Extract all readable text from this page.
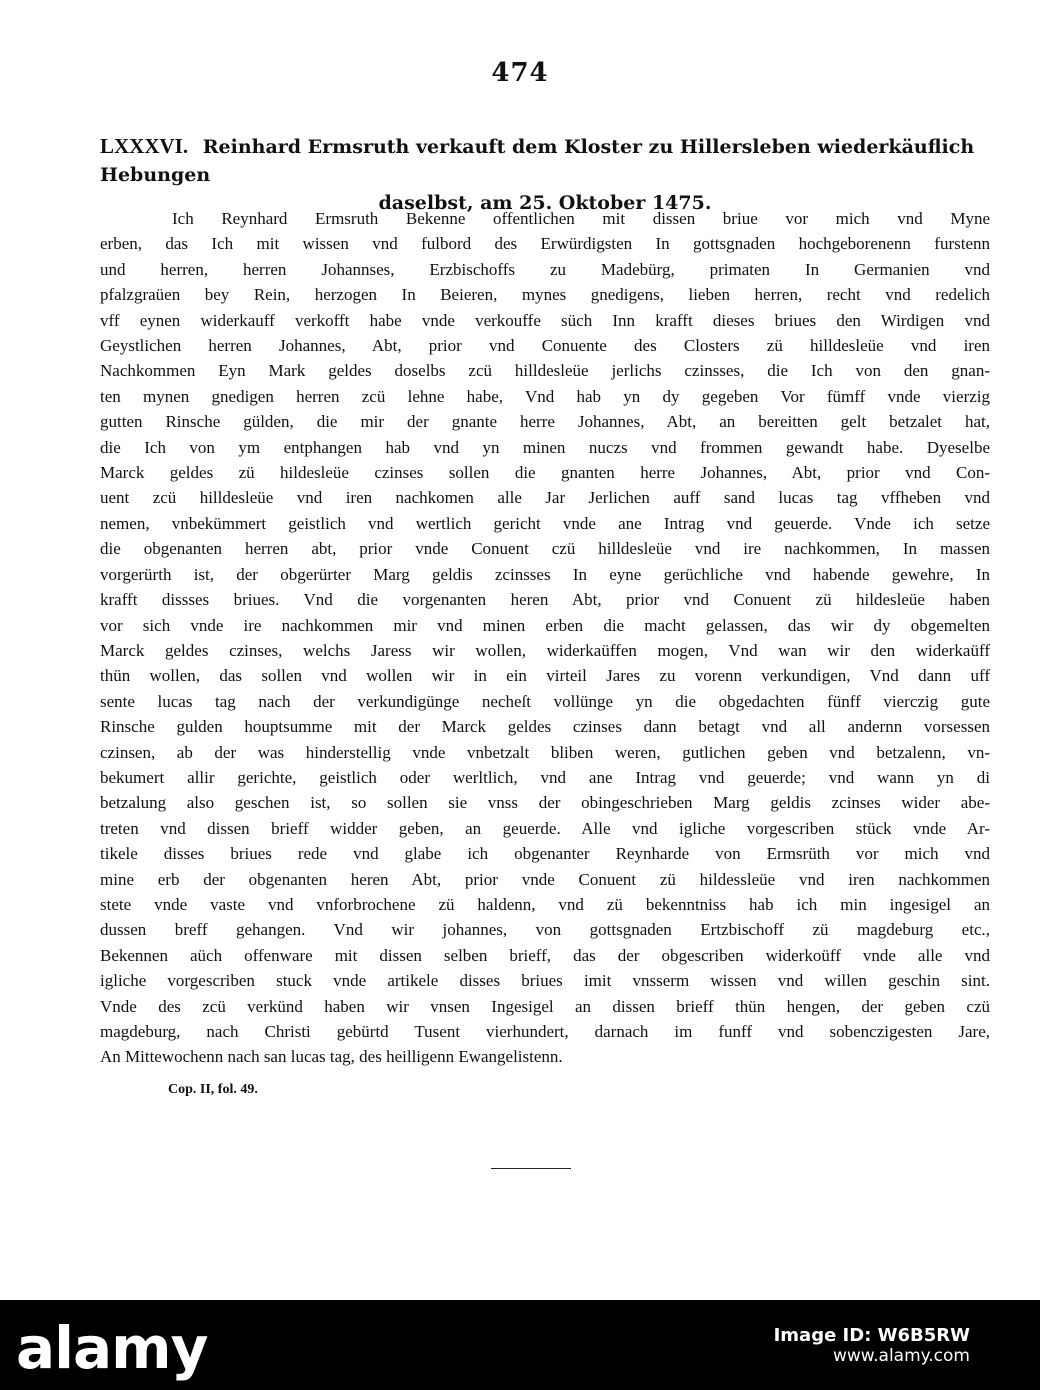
474
LXXXVI. Reinhard Ermsruth verkauft dem Kloster zu Hillersleben wiederkäuflich Hebungen
daselbst, am 25. Oktober 1475.
Ich Reynhard Ermsruth Bekenne offentlichen mit dissen briue vor mich vnd Myne
erben, das Ich mit wissen vnd fulbord des Erwürdigsten In gottsgnaden hochgeborenenn furstenn
und herren, herren Johannses, Erzbischoffs zu Madebürg, primaten In Germanien vnd
pfalzgraüen bey Rein, herzogen In Beieren, mynes gnedigens, lieben herren, recht vnd redelich
vff eynen widerkauff verkofft habe vnde verkouffe süch Inn krafft dieses briues den Wirdigen vnd
Geystlichen herren Johannes, Abt, prior vnd Conuente des Closters zü hilldesleüe vnd iren
Nachkommen Eyn Mark geldes doselbs zcü hilldesleüe jerlichs czinsses, die Ich von den gnan-
ten mynen gnedigen herren zcü lehne habe, Vnd hab yn dy gegeben Vor fümff vnde vierzig
gutten Rinsche gülden, die mir der gnante herre Johannes, Abt, an bereitten gelt betzalet hat,
die Ich von ym entphangen hab vnd yn minen nuczs vnd frommen gewandt habe. Dyeselbe
Marck geldes zü hildesleüe czinses sollen die gnanten herre Johannes, Abt, prior vnd Con-
uent zcü hilldesleüe vnd iren nachkomen alle Jar Jerlichen auff sand lucas tag vffheben vnd
nemen, vnbekümmert geistlich vnd wertlich gericht vnde ane Intrag vnd geuerde. Vnde ich setze
die obgenanten herren abt, prior vnde Conuent czü hilldesleüe vnd ire nachkommen, In massen
vorgerürth ist, der obgerürter Marg geldis zcinsses In eyne gerüchliche vnd habende gewehre, In
krafft dissses briues. Vnd die vorgenanten heren Abt, prior vnd Conuent zü hildesleüe haben
vor sich vnde ire nachkommen mir vnd minen erben die macht gelassen, das wir dy obgemelten
Marck geldes czinses, welchs Jaress wir wollen, widerkaüffen mogen, Vnd wan wir den widerkaüff
thün wollen, das sollen vnd wollen wir in ein virteil Jares zu vorenn verkundigen, Vnd dann uff
sente lucas tag nach der verkundigünge necheſt vollünge yn die obgedachten fünff vierczig gute
Rinsche gulden houptsumme mit der Marck geldes czinses dann betagt vnd all andernn vorsessen
czinsen, ab der was hinderstellig vnde vnbetzalt bliben weren, gutlichen geben vnd betzalenn, vn-
bekumert allir gerichte, geistlich oder werltlich, vnd ane Intrag vnd geuerde; vnd wann yn di
betzalung also geschen ist, so sollen sie vnss der obingeschrieben Marg geldis zcinses wider abe-
treten vnd dissen brieff widder geben, an geuerde. Alle vnd igliche vorgescriben stück vnde Ar-
tikele disses briues rede vnd glabe ich obgenanter Reynharde von Ermsrüth vor mich vnd
mine erb der obgenanten heren Abt, prior vnde Conuent zü hildessleüe vnd iren nachkommen
stete vnde vaste vnd vnforbrochene zü haldenn, vnd zü bekenntniss hab ich min ingesigel an
dussen breff gehangen. Vnd wir johannes, von gottsgnaden Ertzbischoff zü magdeburg etc.,
Bekennen aüch offenware mit dissen selben brieff, das der obgescriben widerkoüff vnde alle vnd
igliche vorgescriben stuck vnde artikele disses briues imit vnsserm wissen vnd willen geschin sint.
Vnde des zcü verkünd haben wir vnsen Ingesigel an dissen brieff thün hengen, der geben czü
magdeburg, nach Christi gebürtd Tusent vierhundert, darnach im funff vnd sobenczigesten Jare,
An Mittewochenn nach san lucas tag, des heilligenn Ewangelistenn.
Cop. II, fol. 49.
alamy	Image ID: W6B5RW
www.alamy.com
